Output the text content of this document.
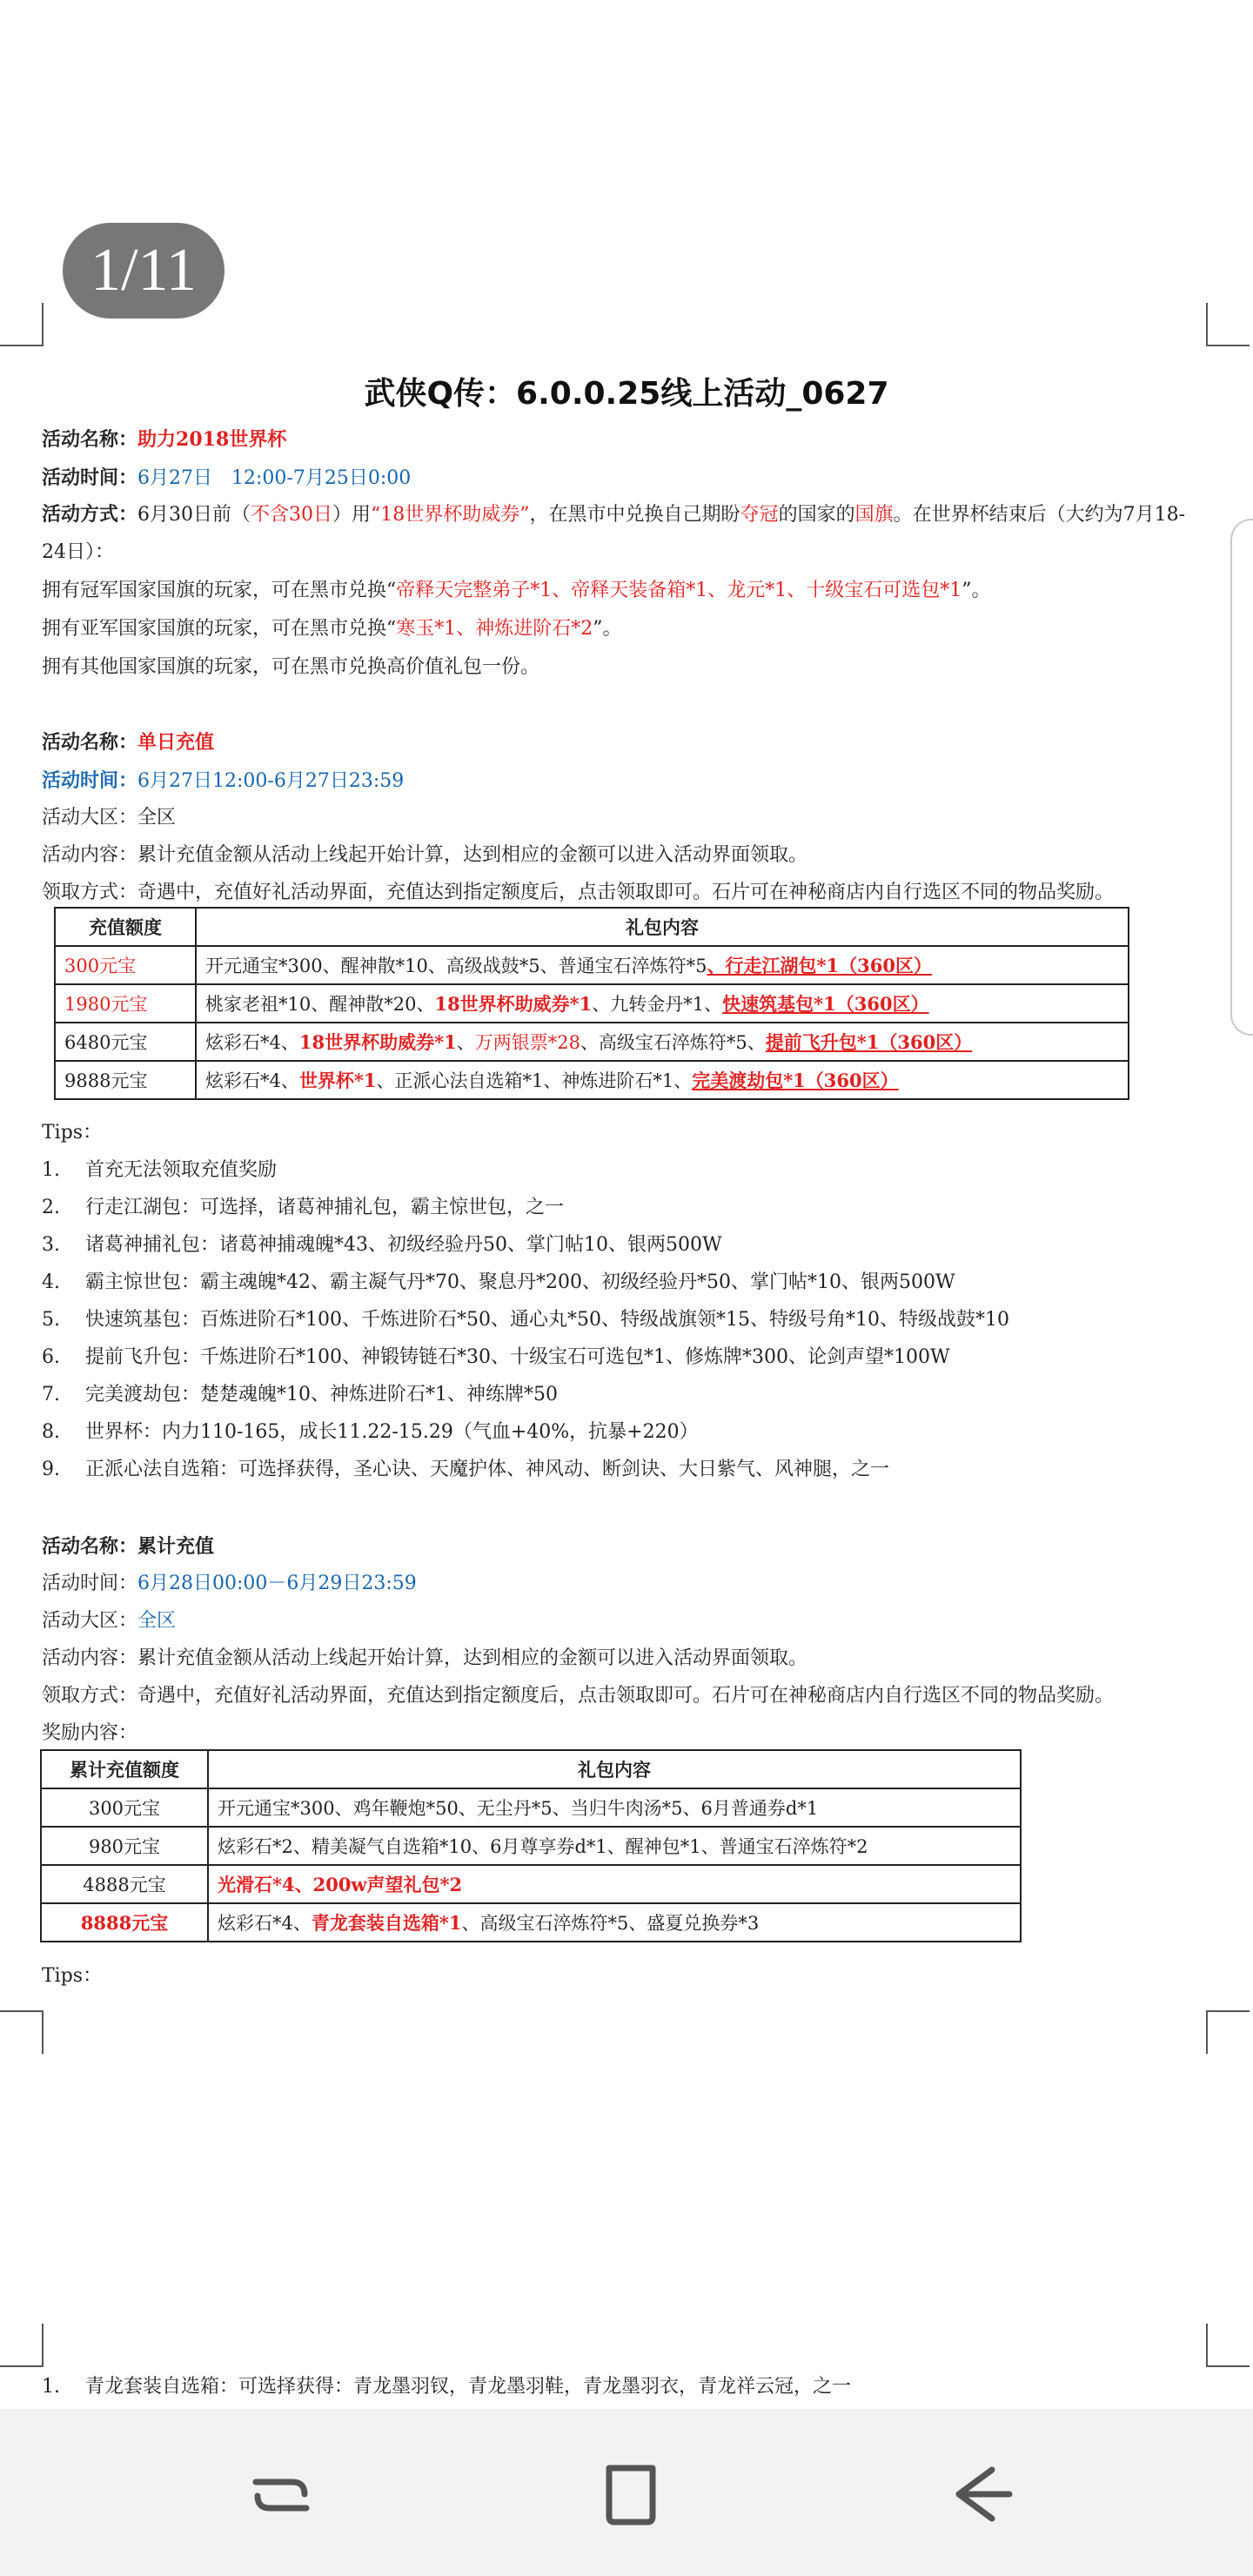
1/11
武侠Q传：6.0.0.25线上活动_0627
活动名称：助力2018世界杯
活动时间：6月27日　12:00-7月25日0:00
活动方式：6月30日前（不含30日）用“18世界杯助威券”，在黑市中兑换自己期盼夺冠的国家的国旗。在世界杯结束后（大约为7月18-24日）：
拥有冠军国家国旗的玩家，可在黑市兑换“帝释天完整弟子*1、帝释天装备箱*1、龙元*1、十级宝石可选包*1”。
拥有亚军国家国旗的玩家，可在黑市兑换“寒玉*1、神炼进阶石*2”。
拥有其他国家国旗的玩家，可在黑市兑换高价值礼包一份。
活动名称：单日充值
活动时间：6月27日12:00-6月27日23:59
活动大区：全区
活动内容：累计充值金额从活动上线起开始计算，达到相应的金额可以进入活动界面领取。
领取方式：奇遇中，充值好礼活动界面，充值达到指定额度后，点击领取即可。石片可在神秘商店内自行选区不同的物品奖励。
充值额度	礼包内容
300元宝	开元通宝*300、醒神散*10、高级战鼓*5、普通宝石淬炼符*5、行走江湖包*1（360区）
1980元宝	桃家老祖*10、醒神散*20、18世界杯助威券*1、九转金丹*1、快速筑基包*1（360区）
6480元宝	炫彩石*4、18世界杯助威券*1、万两银票*28、高级宝石淬炼符*5、提前飞升包*1（360区）
9888元宝	炫彩石*4、世界杯*1、正派心法自选箱*1、神炼进阶石*1、完美渡劫包*1（360区）
Tips：
1. 首充无法领取充值奖励
2. 行走江湖包：可选择，诸葛神捕礼包，霸主惊世包，之一
3. 诸葛神捕礼包：诸葛神捕魂魄*43、初级经验丹50、掌门帖10、银两500W
4. 霸主惊世包：霸主魂魄*42、霸主凝气丹*70、聚息丹*200、初级经验丹*50、掌门帖*10、银两500W
5. 快速筑基包：百炼进阶石*100、千炼进阶石*50、通心丸*50、特级战旗领*15、特级号角*10、特级战鼓*10
6. 提前飞升包：千炼进阶石*100、神锻铸链石*30、十级宝石可选包*1、修炼牌*300、论剑声望*100W
7. 完美渡劫包：楚楚魂魄*10、神炼进阶石*1、神练牌*50
8. 世界杯：内力110-165，成长11.22-15.29（气血+40%，抗暴+220）
9. 正派心法自选箱：可选择获得，圣心诀、天魔护体、神风动、断剑诀、大日紫气、风神腿，之一
活动名称：累计充值
活动时间：6月28日00:00－6月29日23:59
活动大区：全区
活动内容：累计充值金额从活动上线起开始计算，达到相应的金额可以进入活动界面领取。
领取方式：奇遇中，充值好礼活动界面，充值达到指定额度后，点击领取即可。石片可在神秘商店内自行选区不同的物品奖励。
奖励内容：
累计充值额度	礼包内容
300元宝	开元通宝*300、鸡年鞭炮*50、无尘丹*5、当归牛肉汤*5、6月普通券d*1
980元宝	炫彩石*2、精美凝气自选箱*10、6月尊享券d*1、醒神包*1、普通宝石淬炼符*2
4888元宝	光滑石*4、200w声望礼包*2
8888元宝	炫彩石*4、青龙套装自选箱*1、高级宝石淬炼符*5、盛夏兑换券*3
Tips：
1. 青龙套装自选箱：可选择获得：青龙墨羽钗，青龙墨羽鞋，青龙墨羽衣，青龙祥云冠，之一
